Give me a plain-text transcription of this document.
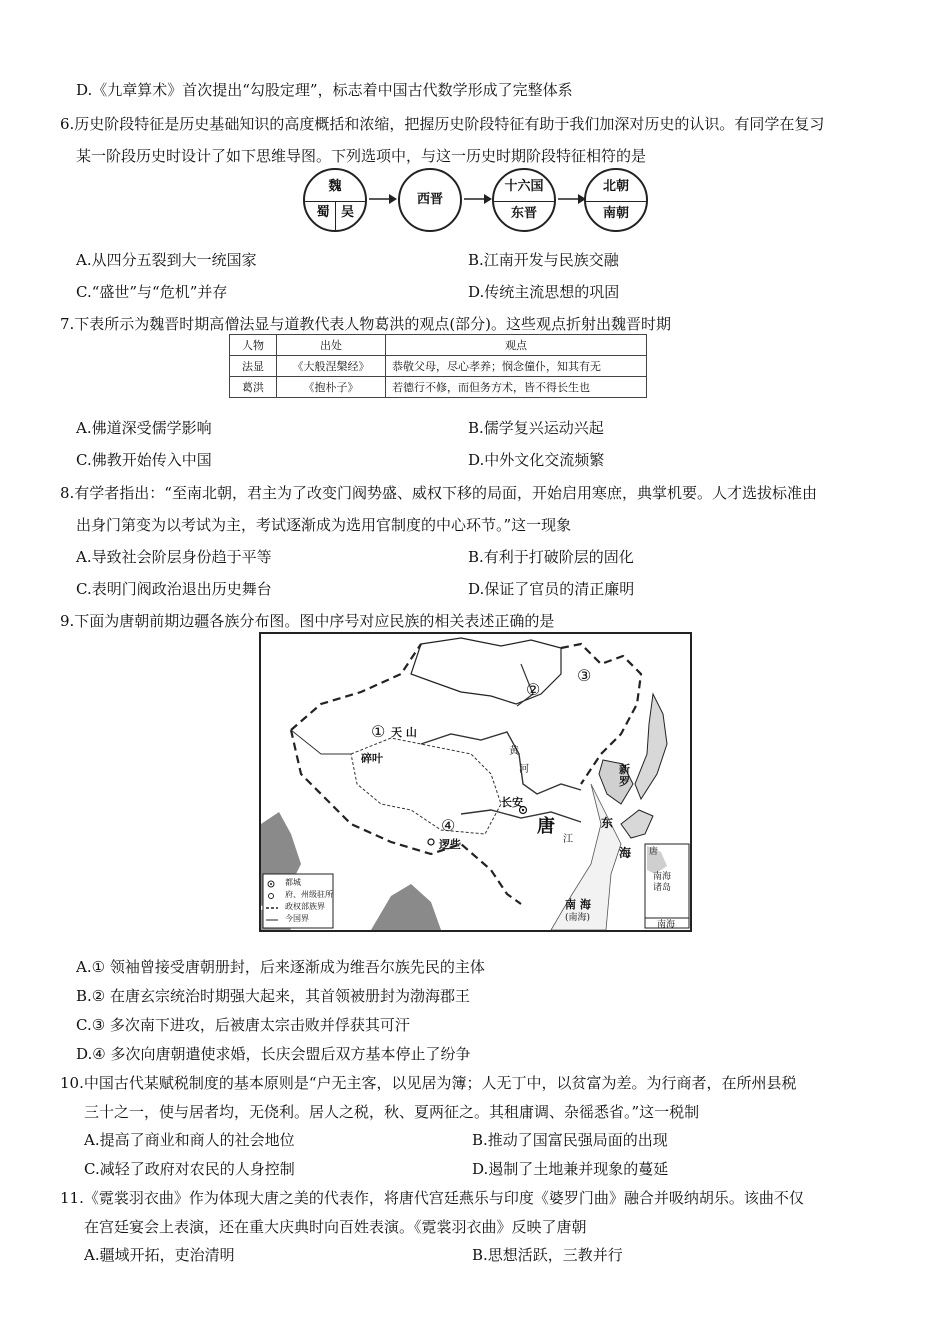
D.《九章算术》首次提出“勾股定理”，标志着中国古代数学形成了完整体系
6.历史阶段特征是历史基础知识的高度概括和浓缩，把握历史阶段特征有助于我们加深对历史的认识。有同学在复习
某一阶段历史时设计了如下思维导图。下列选项中，与这一历史时期阶段特征相符的是
魏
蜀 吴
西晋
十六国
东晋
北朝
南朝
A.从四分五裂到大一统国家	B.江南开发与民族交融
C.“盛世”与“危机”并存	D.传统主流思想的巩固
7.下表所示为魏晋时期高僧法显与道教代表人物葛洪的观点(部分)。这些观点折射出魏晋时期
人物	出处	观点
法显	《大般涅槃经》	恭敬父母，尽心孝养；悯念僮仆，知其有无
葛洪	《抱朴子》	若德行不修，而但务方术，皆不得长生也
A.佛道深受儒学影响	B.儒学复兴运动兴起
C.佛教开始传入中国	D.中外文化交流频繁
8.有学者指出：“至南北朝，君主为了改变门阀势盛、威权下移的局面，开始启用寒庶，典掌机要。人才选拔标准由
出身门第变为以考试为主，考试逐渐成为选用官制度的中心环节。”这一现象
A.导致社会阶层身份趋于平等	B.有利于打破阶层的固化
C.表明门阀政治退出历史舞台	D.保证了官员的清正廉明
9.下面为唐朝前期边疆各族分布图。图中序号对应民族的相关表述正确的是
②
③
①
④
天 山
碎叶
长安
唐
逻些
新罗
东
海
南 海
(南海)
江
黄
河
唐
南海诸岛
南海
都城
府、州级驻所
政权部族界
今国界
A.① 领袖曾接受唐朝册封，后来逐渐成为维吾尔族先民的主体
B.② 在唐玄宗统治时期强大起来，其首领被册封为渤海郡王
C.③ 多次南下进攻，后被唐太宗击败并俘获其可汗
D.④ 多次向唐朝遣使求婚，长庆会盟后双方基本停止了纷争
10.中国古代某赋税制度的基本原则是“户无主客，以见居为簿；人无丁中，以贫富为差。为行商者，在所州县税
三十之一，使与居者均，无侥利。居人之税，秋、夏两征之。其租庸调、杂徭悉省。”这一税制
A.提高了商业和商人的社会地位	B.推动了国富民强局面的出现
C.减轻了政府对农民的人身控制	D.遏制了土地兼并现象的蔓延
11.《霓裳羽衣曲》作为体现大唐之美的代表作，将唐代宫廷燕乐与印度《婆罗门曲》融合并吸纳胡乐。该曲不仅
在宫廷宴会上表演，还在重大庆典时向百姓表演。《霓裳羽衣曲》反映了唐朝
A.疆域开拓，吏治清明	B.思想活跃，三教并行
